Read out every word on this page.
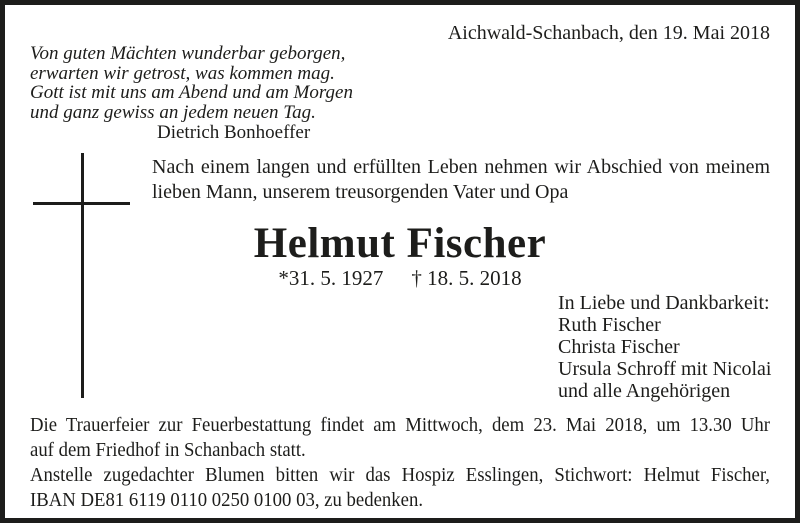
Aichwald-Schanbach, den 19. Mai 2018
Von guten Mächten wunderbar geborgen,
erwarten wir getrost, was kommen mag.
Gott ist mit uns am Abend und am Morgen
und ganz gewiss an jedem neuen Tag.
Dietrich Bonhoeffer
Nach einem langen und erfüllten Leben nehmen wir Abschied von meinem
lieben Mann, unserem treusorgenden Vater und Opa
Helmut Fischer
*31. 5. 1927 † 18. 5. 2018
In Liebe und Dankbarkeit:
Ruth Fischer
Christa Fischer
Ursula Schroff mit Nicolai
und alle Angehörigen
Die Trauerfeier zur Feuerbestattung findet am Mittwoch, dem 23. Mai 2018, um 13.30 Uhr
auf dem Friedhof in Schanbach statt.
Anstelle zugedachter Blumen bitten wir das Hospiz Esslingen, Stichwort: Helmut Fischer,
IBAN DE81 6119 0110 0250 0100 03, zu bedenken.
